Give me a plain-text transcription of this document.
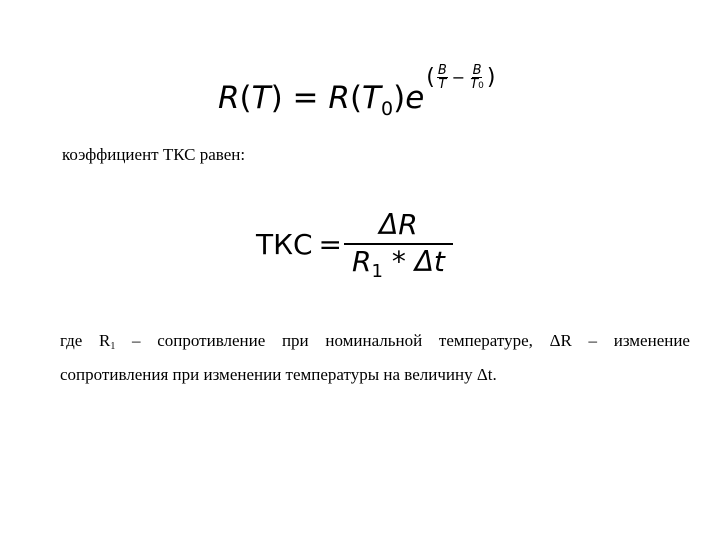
$R(T) = R(T_0)e$
( $\frac{B}{T} - \frac{B}{T0}$ )
коэффициент ТКС равен:
ТКС = $\frac{\Delta R}{R_1 * \Delta t}$
где $R_1$ – сопротивление при номинальной температуре, ΔR – изменение сопротивления при изменении температуры на величину Δt.
